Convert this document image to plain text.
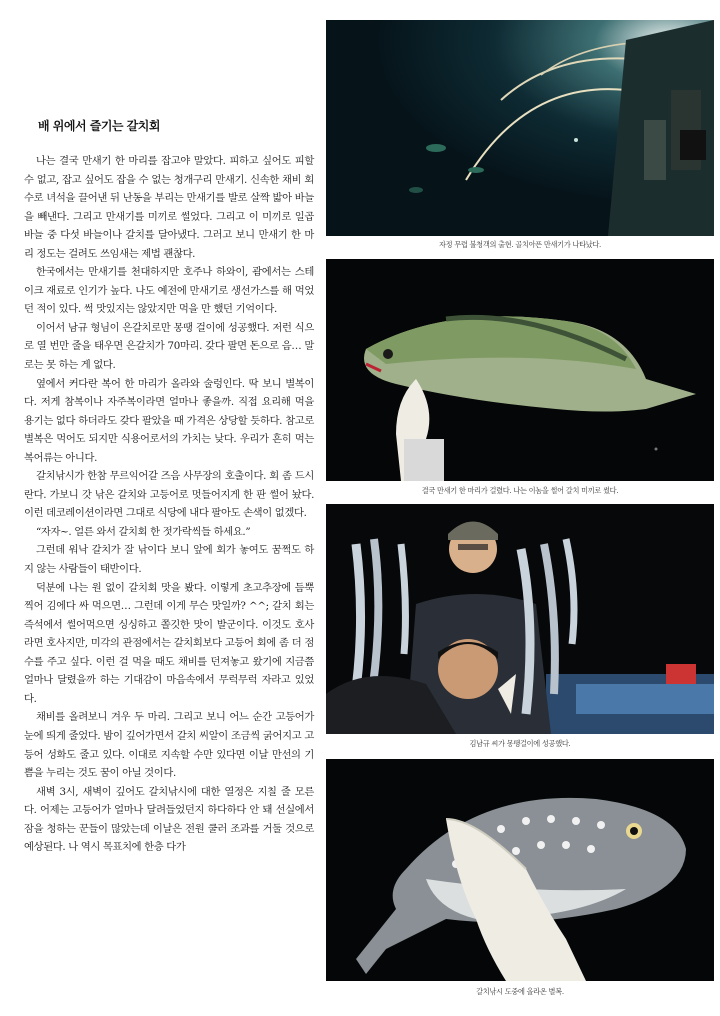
배 위에서 즐기는 갈치회

나는 결국 만새기 한 마리를 잡고야 말았다. 피하고 싶어도 피할 수 없고, 잡고 싶어도 잡을 수 없는 청개구리 만새기. 신속한 채비 회수로 녀석을 끌어낸 뒤 난동을 부리는 만새기를 발로 살짝 밟아 바늘을 빼낸다. 그리고 만새기를 미끼로 썰었다. 그리고 이 미끼로 일곱 바늘 중 다섯 바늘이나 갈치를 달아냈다. 그러고 보니 만새기 한 마리 정도는 걸려도 쓰임새는 제법 괜찮다.

한국에서는 만새기를 천대하지만 호주나 하와이, 괌에서는 스테이크 재료로 인기가 높다. 나도 예전에 만새기로 생선가스를 해 먹었던 적이 있다. 썩 맛있지는 않았지만 먹을 만 했던 기억이다.

이어서 남규 형님이 은갈치로만 몽땡 걸이에 성공했다. 저런 식으로 열 번만 줄을 태우면 은갈치가 70마리. 갖다 팔면 돈으로 음… 말로는 못 하는 게 없다.

옆에서 커다란 복어 한 마리가 올라와 술렁인다. 딱 보니 별복이다. 저게 참복이나 자주복이라면 얼마나 좋을까. 직접 요리해 먹을 용기는 없다 하더라도 갖다 팔았을 때 가격은 상당할 듯하다. 참고로 별복은 먹어도 되지만 식용어로서의 가치는 낮다. 우리가 흔히 먹는 복어류는 아니다.

갈치낚시가 한참 무르익어갈 즈음 사무장의 호출이다. 회 좀 드시란다. 가보니 갓 낚은 갈치와 고등어로 멋들어지게 한 판 썰어 놨다. 이런 데코레이션이라면 그대로 식당에 내다 팔아도 손색이 없겠다.

“자자~. 얼른 와서 갈치회 한 젓가락씩들 하세요.”

그런데 워낙 갈치가 잘 낚이다 보니 앞에 회가 놓여도 꿈쩍도 하지 않는 사람들이 태반이다.

덕분에 나는 원 없이 갈치회 맛을 봤다. 이렇게 초고추장에 듬뿍 찍어 김에다 싸 먹으면… 그런데 이게 무슨 맛일까? ^^; 갈치 회는 즉석에서 썰어먹으면 싱싱하고 쫄깃한 맛이 발군이다. 이것도 호사라면 호사지만, 미각의 관점에서는 갈치회보다 고등어 회에 좀 더 점수를 주고 싶다. 이런 걸 먹을 때도 채비를 던져놓고 왔기에 지금쯤 얼마나 달렸을까 하는 기대감이 마음속에서 무럭무럭 자라고 있었다.

채비를 올려보니 겨우 두 마리. 그리고 보니 어느 순간 고등어가 눈에 띄게 줄었다. 밤이 깊어가면서 갈치 씨알이 조금씩 굵어지고 고등어 성화도 줄고 있다. 이대로 지속할 수만 있다면 이날 만선의 기쁨을 누리는 것도 꿈이 아닐 것이다.

새벽 3시, 새벽이 깊어도 갈치낚시에 대한 열정은 지칠 줄 모른다. 어제는 고등어가 얼마나 달려들었던지 하다하다 안 돼 선실에서 잠을 청하는 꾼들이 많았는데 이날은 전원 쿨러 조과를 거둘 것으로 예상된다. 나 역시 목표치에 한층 다가

자정 무렵 불청객의 출현. 골치아픈 만새기가 나타났다.
결국 만새기 한 마리가 걸렸다. 나는 이놈을 썰어 갈치 미끼로 썼다.
김남규 씨가 몽땡걸이에 성공했다.
갈치낚시 도중에 올라온 별복.
